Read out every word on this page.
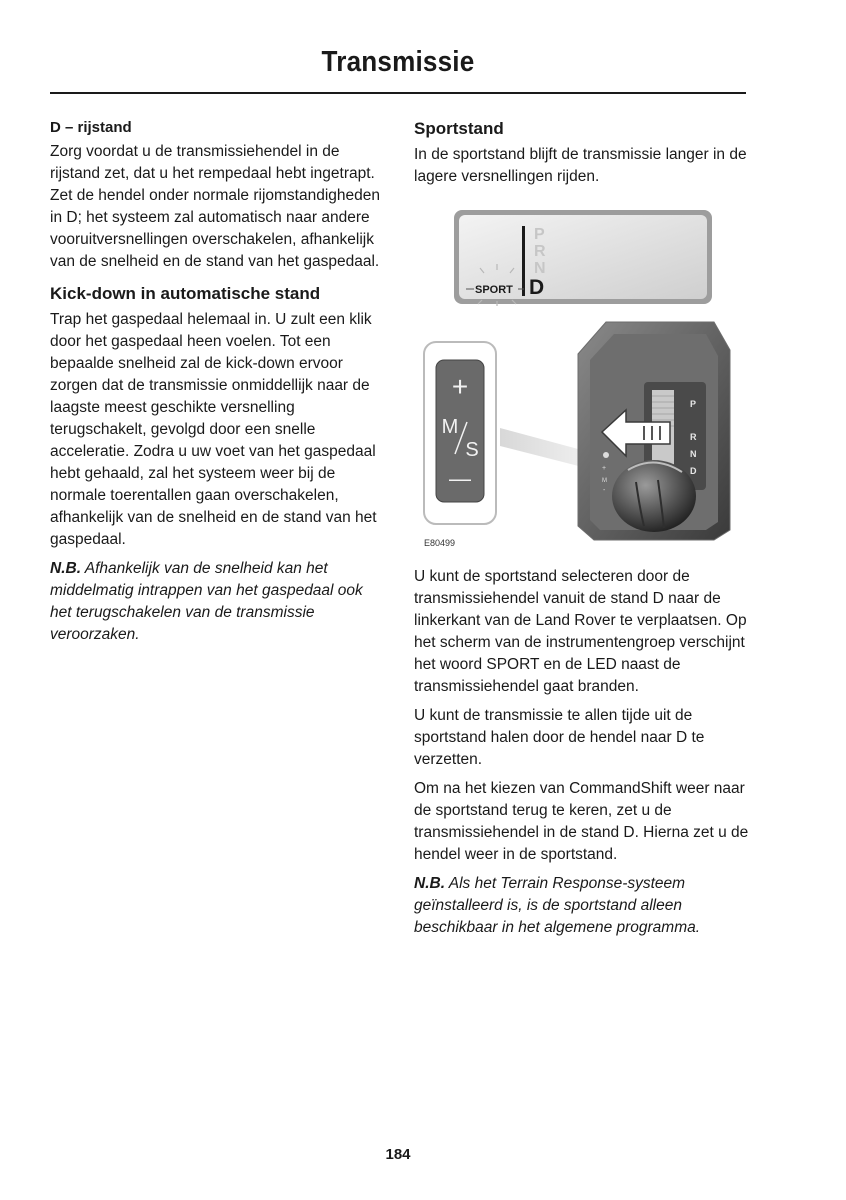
Transmissie
D – rijstand

Zorg voordat u de transmissiehendel in de rijstand zet, dat u het rempedaal hebt ingetrapt. Zet de hendel onder normale rijomstandigheden in D; het systeem zal automatisch naar andere vooruitversnellingen overschakelen, afhankelijk van de snelheid en de stand van het gaspedaal.

Kick-down in automatische stand

Trap het gaspedaal helemaal in. U zult een klik door het gaspedaal heen voelen. Tot een bepaalde snelheid zal de kick-down ervoor zorgen dat de transmissie onmiddellijk naar de laagste meest geschikte versnelling terugschakelt, gevolgd door een snelle acceleratie. Zodra u uw voet van het gaspedaal hebt gehaald, zal het systeem weer bij de normale toerentallen gaan overschakelen, afhankelijk van de snelheid en de stand van het gaspedaal.

N.B. Afhankelijk van de snelheid kan het middelmatig intrappen van het gaspedaal ook het terugschakelen van de transmissie veroorzaken.

Sportstand

In de sportstand blijft de transmissie langer in de lagere versnellingen rijden.

P
R
N
D
SPORT
+
M
S
—
P
R
N
D
+
M
-
E80499

U kunt de sportstand selecteren door de transmissiehendel vanuit de stand D naar de linkerkant van de Land Rover te verplaatsen. Op het scherm van de instrumentengroep verschijnt het woord SPORT en de LED naast de transmissiehendel gaat branden.

U kunt de transmissie te allen tijde uit de sportstand halen door de hendel naar D te verzetten.

Om na het kiezen van CommandShift weer naar de sportstand terug te keren, zet u de transmissiehendel in de stand D. Hierna zet u de hendel weer in de sportstand.

N.B. Als het Terrain Response-systeem geïnstalleerd is, is de sportstand alleen beschikbaar in het algemene programma.

184
